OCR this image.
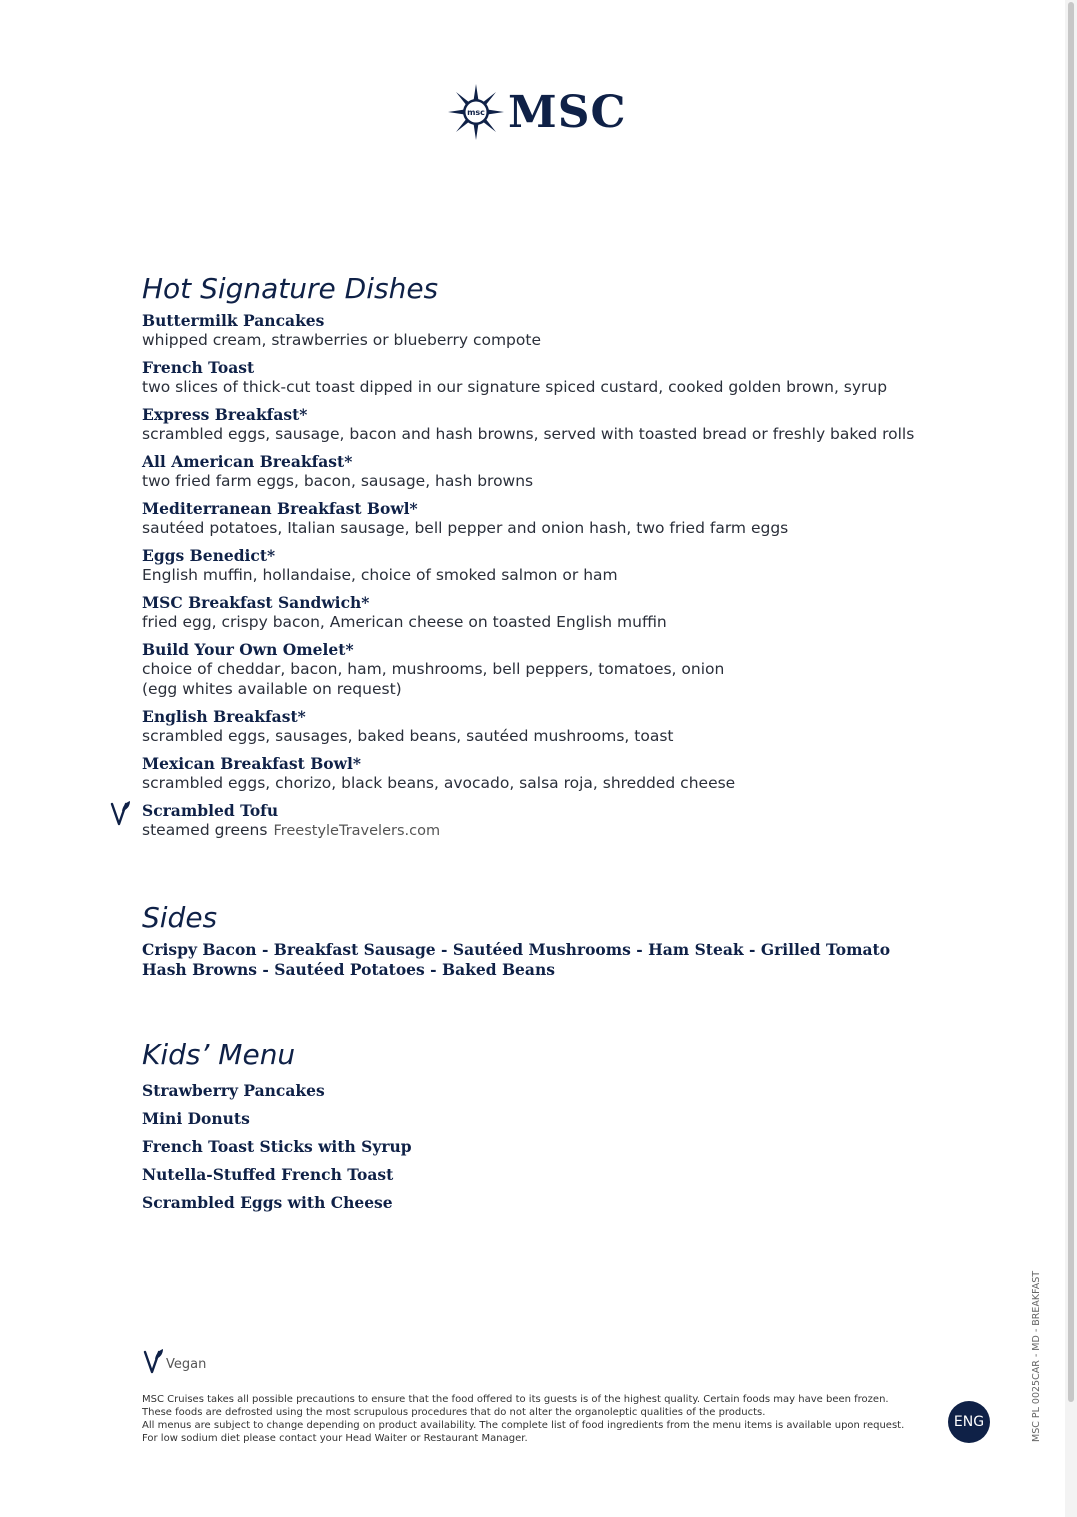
msc MSC
Hot Signature Dishes
Buttermilk Pancakes
whipped cream, strawberries or blueberry compote
French Toast
two slices of thick-cut toast dipped in our signature spiced custard, cooked golden brown, syrup
Express Breakfast*
scrambled eggs, sausage, bacon and hash browns, served with toasted bread or freshly baked rolls
All American Breakfast*
two fried farm eggs, bacon, sausage, hash browns
Mediterranean Breakfast Bowl*
sautéed potatoes, Italian sausage, bell pepper and onion hash, two fried farm eggs
Eggs Benedict*
English muffin, hollandaise, choice of smoked salmon or ham
MSC Breakfast Sandwich*
fried egg, crispy bacon, American cheese on toasted English muffin
Build Your Own Omelet*
choice of cheddar, bacon, ham, mushrooms, bell peppers, tomatoes, onion
(egg whites available on request)
English Breakfast*
scrambled eggs, sausages, baked beans, sautéed mushrooms, toast
Mexican Breakfast Bowl*
scrambled eggs, chorizo, black beans, avocado, salsa roja, shredded cheese
Scrambled Tofu
steamed greens FreestyleTravelers.com
Sides
Crispy Bacon - Breakfast Sausage - Sautéed Mushrooms - Ham Steak - Grilled Tomato
Hash Browns - Sautéed Potatoes - Baked Beans
Kids’ Menu
Strawberry Pancakes
Mini Donuts
French Toast Sticks with Syrup
Nutella-Stuffed French Toast
Scrambled Eggs with Cheese
Vegan
MSC Cruises takes all possible precautions to ensure that the food offered to its guests is of the highest quality. Certain foods may have been frozen.
These foods are defrosted using the most scrupulous procedures that do not alter the organoleptic qualities of the products.
All menus are subject to change depending on product availability. The complete list of food ingredients from the menu items is available upon request.
For low sodium diet please contact your Head Waiter or Restaurant Manager.
ENG	MSC PL 0025CAR - MD - BREAKFAST
